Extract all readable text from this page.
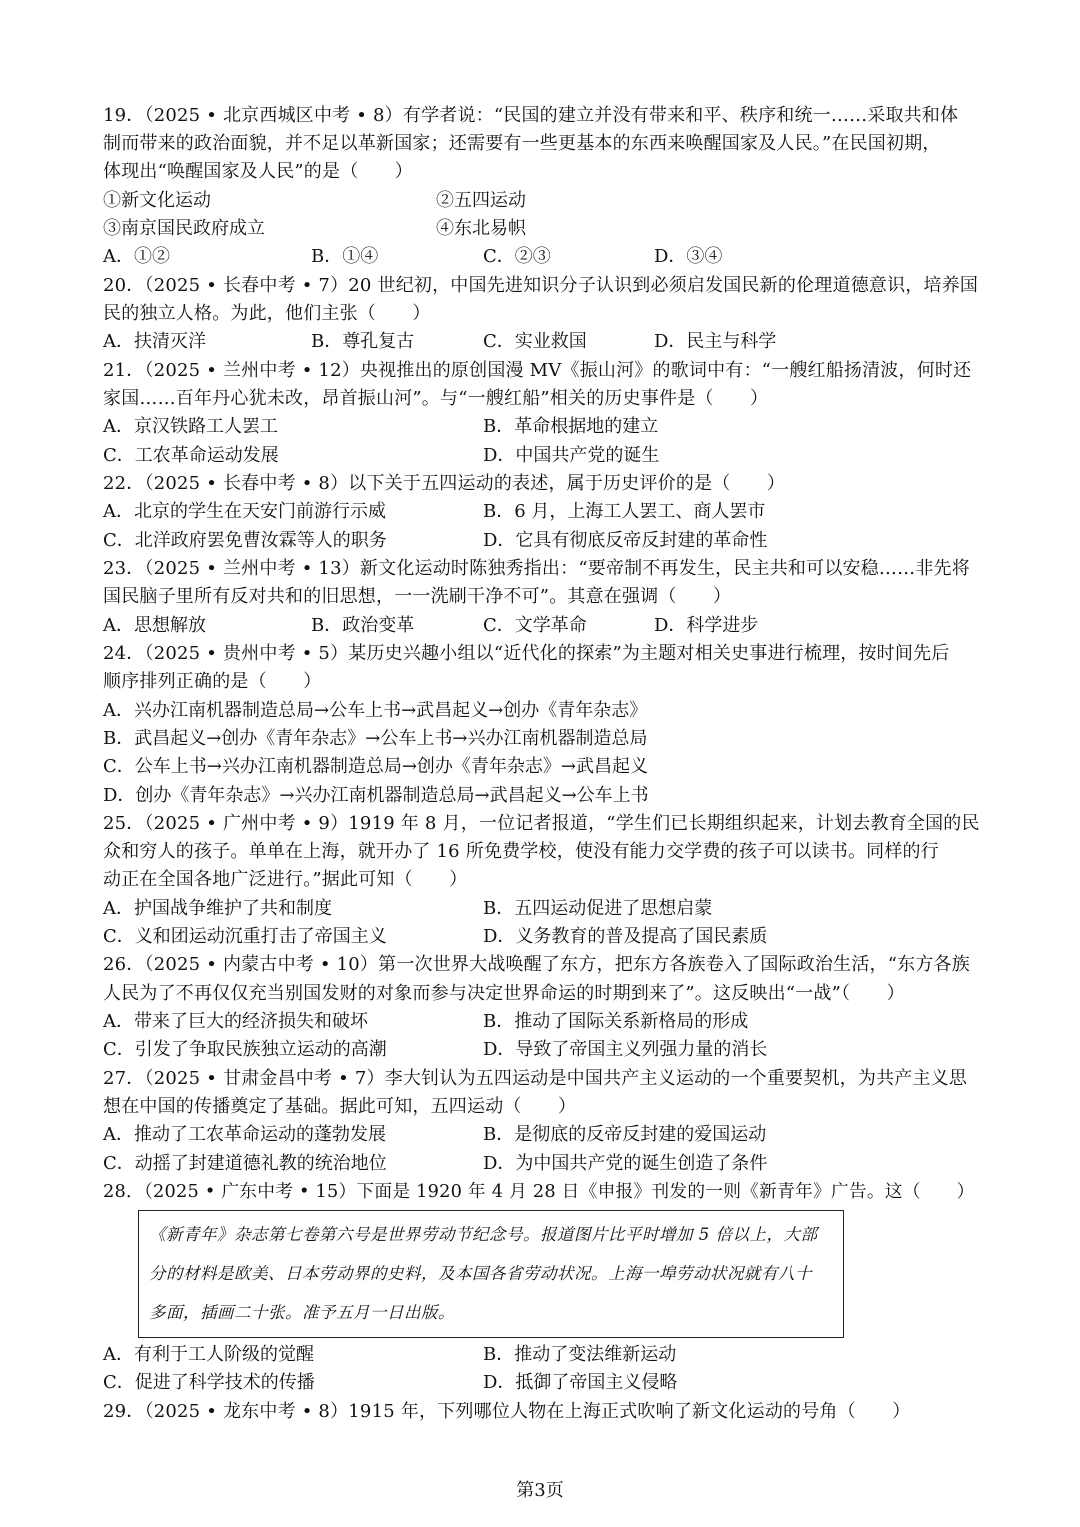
19．（2025 • 北京西城区中考 • 8）有学者说：“民国的建立并没有带来和平、秩序和统一……采取共和体
制而带来的政治面貌，并不足以革新国家；还需要有一些更基本的东西来唤醒国家及人民。”在民国初期，
体现出“唤醒国家及人民”的是（　　）
①新文化运动	②五四运动
③南京国民政府成立	④东北易帜
A．①②	B．①④	C．②③	D．③④
20．（2025 • 长春中考 • 7）20 世纪初，中国先进知识分子认识到必须启发国民新的伦理道德意识，培养国
民的独立人格。为此，他们主张（　　）
A．扶清灭洋	B．尊孔复古	C．实业救国	D．民主与科学
21．（2025 • 兰州中考 • 12）央视推出的原创国漫 MV《振山河》的歌词中有：“一艘红船扬清波，何时还
家国……百年丹心犹未改，昂首振山河”。与“一艘红船”相关的历史事件是（　　）
A．京汉铁路工人罢工	B．革命根据地的建立
C．工农革命运动发展	D．中国共产党的诞生
22．（2025 • 长春中考 • 8）以下关于五四运动的表述，属于历史评价的是（　　）
A．北京的学生在天安门前游行示威	B．6 月，上海工人罢工、商人罢市
C．北洋政府罢免曹汝霖等人的职务	D．它具有彻底反帝反封建的革命性
23．（2025 • 兰州中考 • 13）新文化运动时陈独秀指出：“要帝制不再发生，民主共和可以安稳……非先将
国民脑子里所有反对共和的旧思想，一一洗刷干净不可”。其意在强调（　　）
A．思想解放	B．政治变革	C．文学革命	D．科学进步
24．（2025 • 贵州中考 • 5）某历史兴趣小组以“近代化的探索”为主题对相关史事进行梳理，按时间先后
顺序排列正确的是（　　）
A．兴办江南机器制造总局→公车上书→武昌起义→创办《青年杂志》
B．武昌起义→创办《青年杂志》→公车上书→兴办江南机器制造总局
C．公车上书→兴办江南机器制造总局→创办《青年杂志》→武昌起义
D．创办《青年杂志》→兴办江南机器制造总局→武昌起义→公车上书
25．（2025 • 广州中考 • 9）1919 年 8 月，一位记者报道，“学生们已长期组织起来，计划去教育全国的民
众和穷人的孩子。单单在上海，就开办了 16 所免费学校，使没有能力交学费的孩子可以读书。同样的行
动正在全国各地广泛进行。”据此可知（　　）
A．护国战争维护了共和制度	B．五四运动促进了思想启蒙
C．义和团运动沉重打击了帝国主义	D．义务教育的普及提高了国民素质
26．（2025 • 内蒙古中考 • 10）第一次世界大战唤醒了东方，把东方各族卷入了国际政治生活，“东方各族
人民为了不再仅仅充当别国发财的对象而参与决定世界命运的时期到来了”。这反映出“一战”（　　）
A．带来了巨大的经济损失和破坏	B．推动了国际关系新格局的形成
C．引发了争取民族独立运动的高潮	D．导致了帝国主义列强力量的消长
27．（2025 • 甘肃金昌中考 • 7）李大钊认为五四运动是中国共产主义运动的一个重要契机，为共产主义思
想在中国的传播奠定了基础。据此可知，五四运动（　　）
A．推动了工农革命运动的蓬勃发展	B．是彻底的反帝反封建的爱国运动
C．动摇了封建道德礼教的统治地位	D．为中国共产党的诞生创造了条件
28．（2025 • 广东中考 • 15）下面是 1920 年 4 月 28 日《申报》刊发的一则《新青年》广告。这（　　）
《新青年》杂志第七卷第六号是世界劳动节纪念号。报道图片比平时增加 5 倍以上，大部
分的材料是欧美、日本劳动界的史料，及本国各省劳动状况。上海一埠劳动状况就有八十
多面，插画二十张。准予五月一日出版。
A．有利于工人阶级的觉醒	B．推动了变法维新运动
C．促进了科学技术的传播	D．抵御了帝国主义侵略
29．（2025 • 龙东中考 • 8）1915 年，下列哪位人物在上海正式吹响了新文化运动的号角（　　）
第3页
